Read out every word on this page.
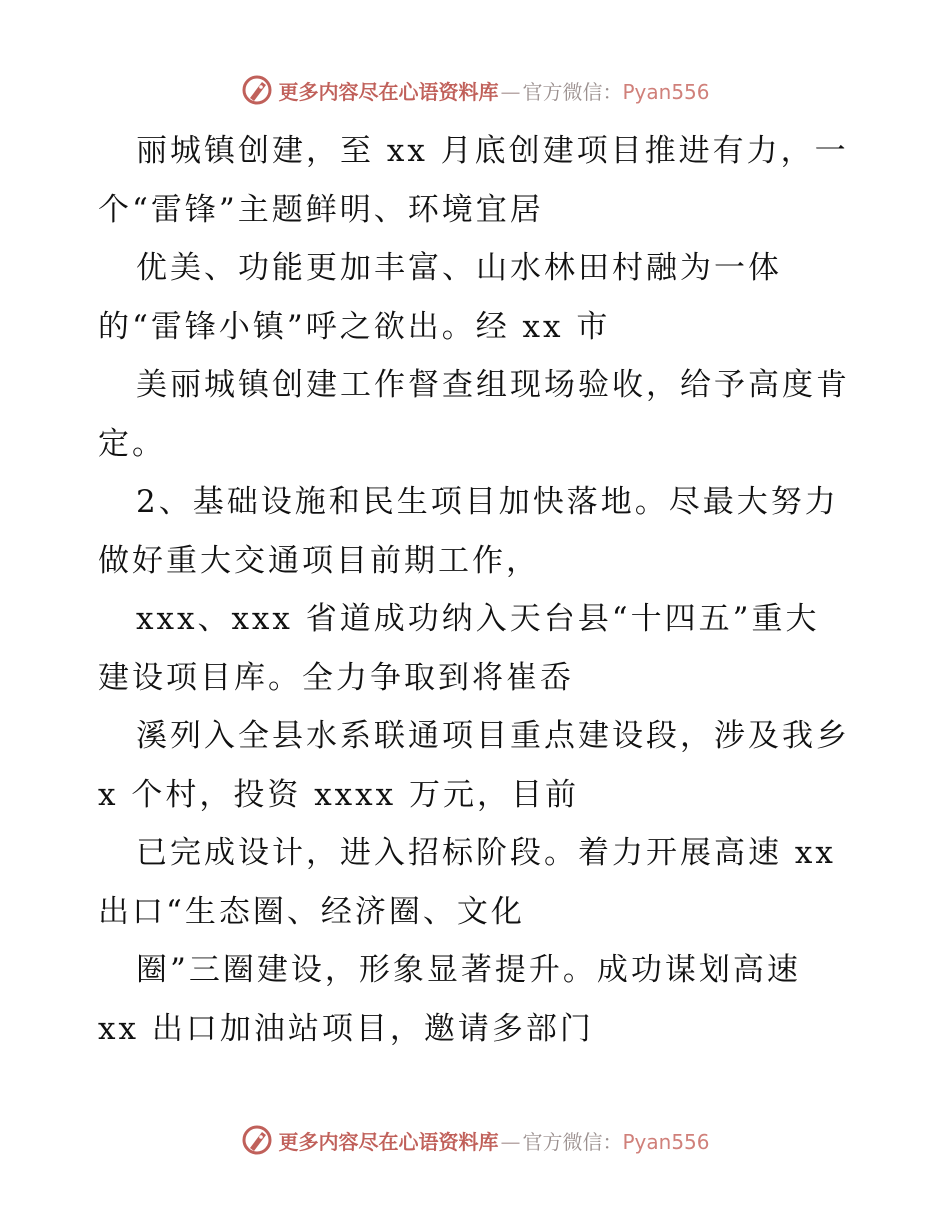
更多内容尽在心语资料库 — 官方微信：Pyan556
丽城镇创建，至 xx 月底创建项目推进有力，一
个“雷锋”主题鲜明、环境宜居
优美、功能更加丰富、山水林田村融为一体
的“雷锋小镇”呼之欲出。经 xx 市
美丽城镇创建工作督查组现场验收，给予高度肯
定。
2、基础设施和民生项目加快落地。尽最大努力
做好重大交通项目前期工作，
xxx、xxx 省道成功纳入天台县“十四五”重大
建设项目库。全力争取到将崔岙
溪列入全县水系联通项目重点建设段，涉及我乡
x 个村，投资 xxxx 万元，目前
已完成设计，进入招标阶段。着力开展高速 xx
出口“生态圈、经济圈、文化
圈”三圈建设，形象显著提升。成功谋划高速
xx 出口加油站项目，邀请多部门
更多内容尽在心语资料库 — 官方微信：Pyan556
